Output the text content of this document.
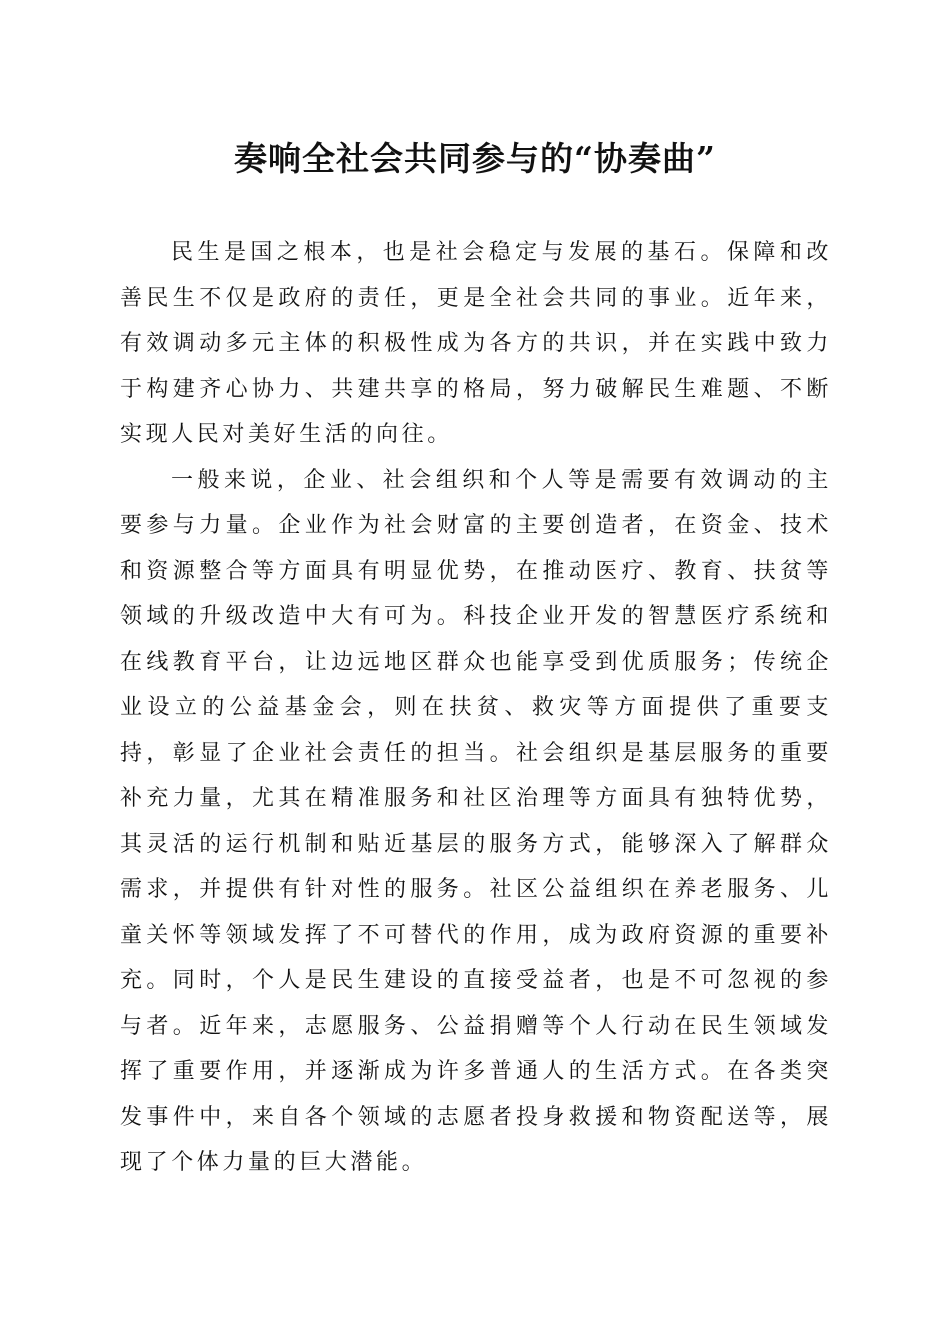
奏响全社会共同参与的“协奏曲”

民生是国之根本，也是社会稳定与发展的基石。保障和改善民生不仅是政府的责任，更是全社会共同的事业。近年来，有效调动多元主体的积极性成为各方的共识，并在实践中致力于构建齐心协力、共建共享的格局，努力破解民生难题、不断实现人民对美好生活的向往。

一般来说，企业、社会组织和个人等是需要有效调动的主要参与力量。企业作为社会财富的主要创造者，在资金、技术和资源整合等方面具有明显优势，在推动医疗、教育、扶贫等领域的升级改造中大有可为。科技企业开发的智慧医疗系统和在线教育平台，让边远地区群众也能享受到优质服务；传统企业设立的公益基金会，则在扶贫、救灾等方面提供了重要支持，彰显了企业社会责任的担当。社会组织是基层服务的重要补充力量，尤其在精准服务和社区治理等方面具有独特优势，其灵活的运行机制和贴近基层的服务方式，能够深入了解群众需求，并提供有针对性的服务。社区公益组织在养老服务、儿童关怀等领域发挥了不可替代的作用，成为政府资源的重要补充。同时，个人是民生建设的直接受益者，也是不可忽视的参与者。近年来，志愿服务、公益捐赠等个人行动在民生领域发挥了重要作用，并逐渐成为许多普通人的生活方式。在各类突发事件中，来自各个领域的志愿者投身救援和物资配送等，展现了个体力量的巨大潜能。
